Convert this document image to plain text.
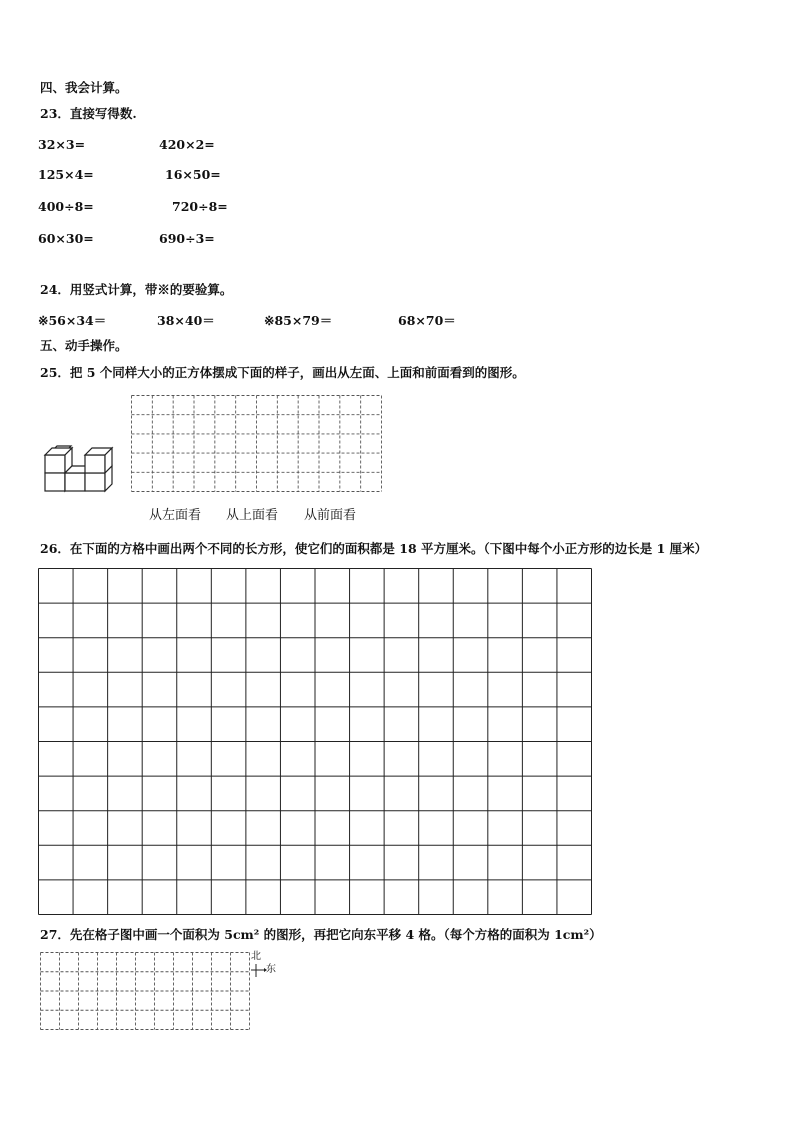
四、我会计算。
23．直接写得数.
32×3=	420×2=
125×4=	16×50=
400÷8=	720÷8=
60×30=	690÷3=
24．用竖式计算，带※的要验算。
※56×34＝	38×40＝	※85×79＝	68×70＝
五、动手操作。
25．把 5 个同样大小的正方体摆成下面的样子，画出从左面、上面和前面看到的图形。
从左面看 从上面看 从前面看
26．在下面的方格中画出两个不同的长方形，使它们的面积都是 18 平方厘米。（下图中每个小正方形的边长是 1 厘米）
27．先在格子图中画一个面积为 5cm² 的图形，再把它向东平移 4 格。（每个方格的面积为 1cm²）
北
东
